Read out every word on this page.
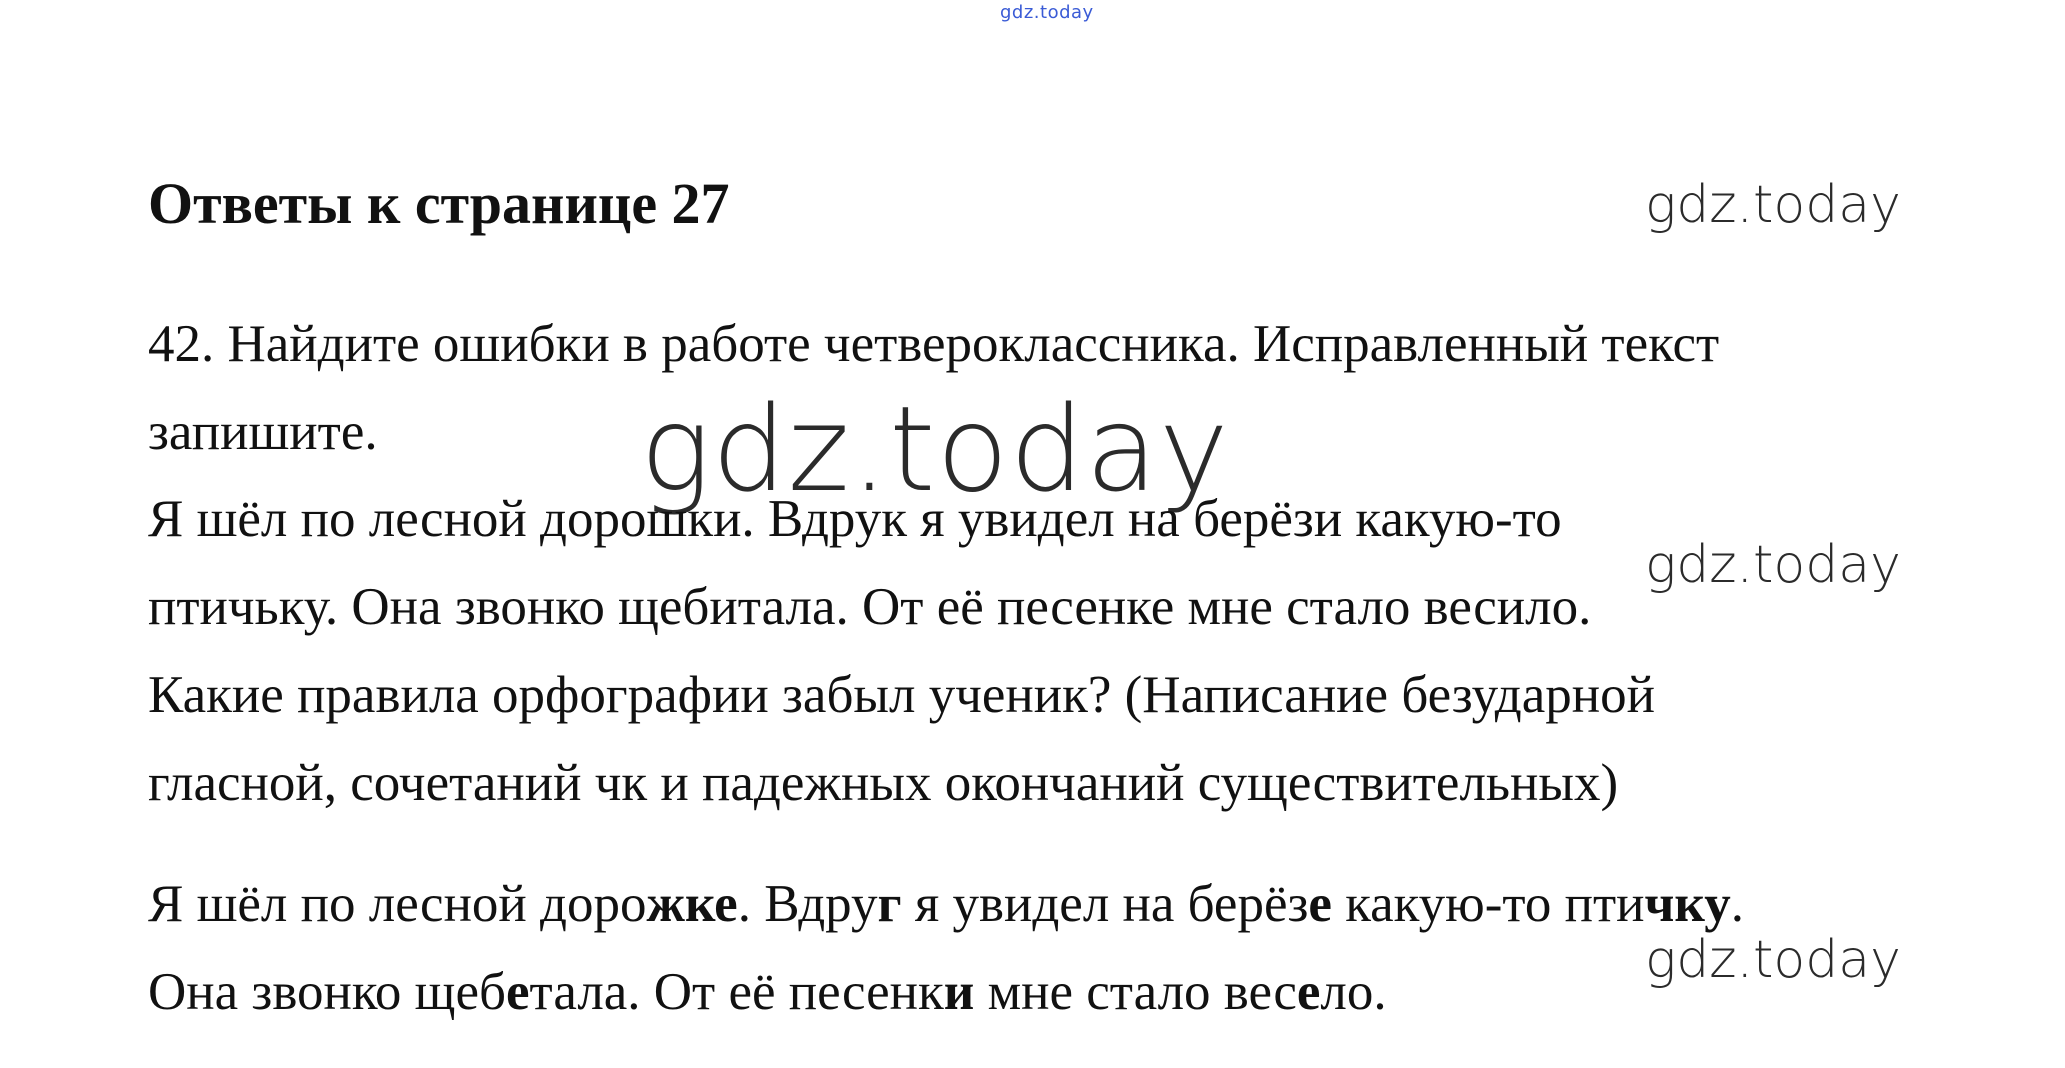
gdz.today
Ответы к странице 27	gdz.today
42. Найдите ошибки в работе четвероклассника. Исправленный текст
запишите. gdz.today
Я шёл по лесной дорошки. Вдрук я увидел на берёзи какую-то
gdz.today
птичьку. Она звонко щебитала. От её песенке мне стало весило.
Какие правила орфографии забыл ученик? (Написание безударной
гласной, сочетаний чк и падежных окончаний существительных)
Я шёл по лесной дорожке. Вдруг я увидел на берёзе какую-то птичку.
gdz.today
Она звонко щебетала. От её песенки мне стало весело.
